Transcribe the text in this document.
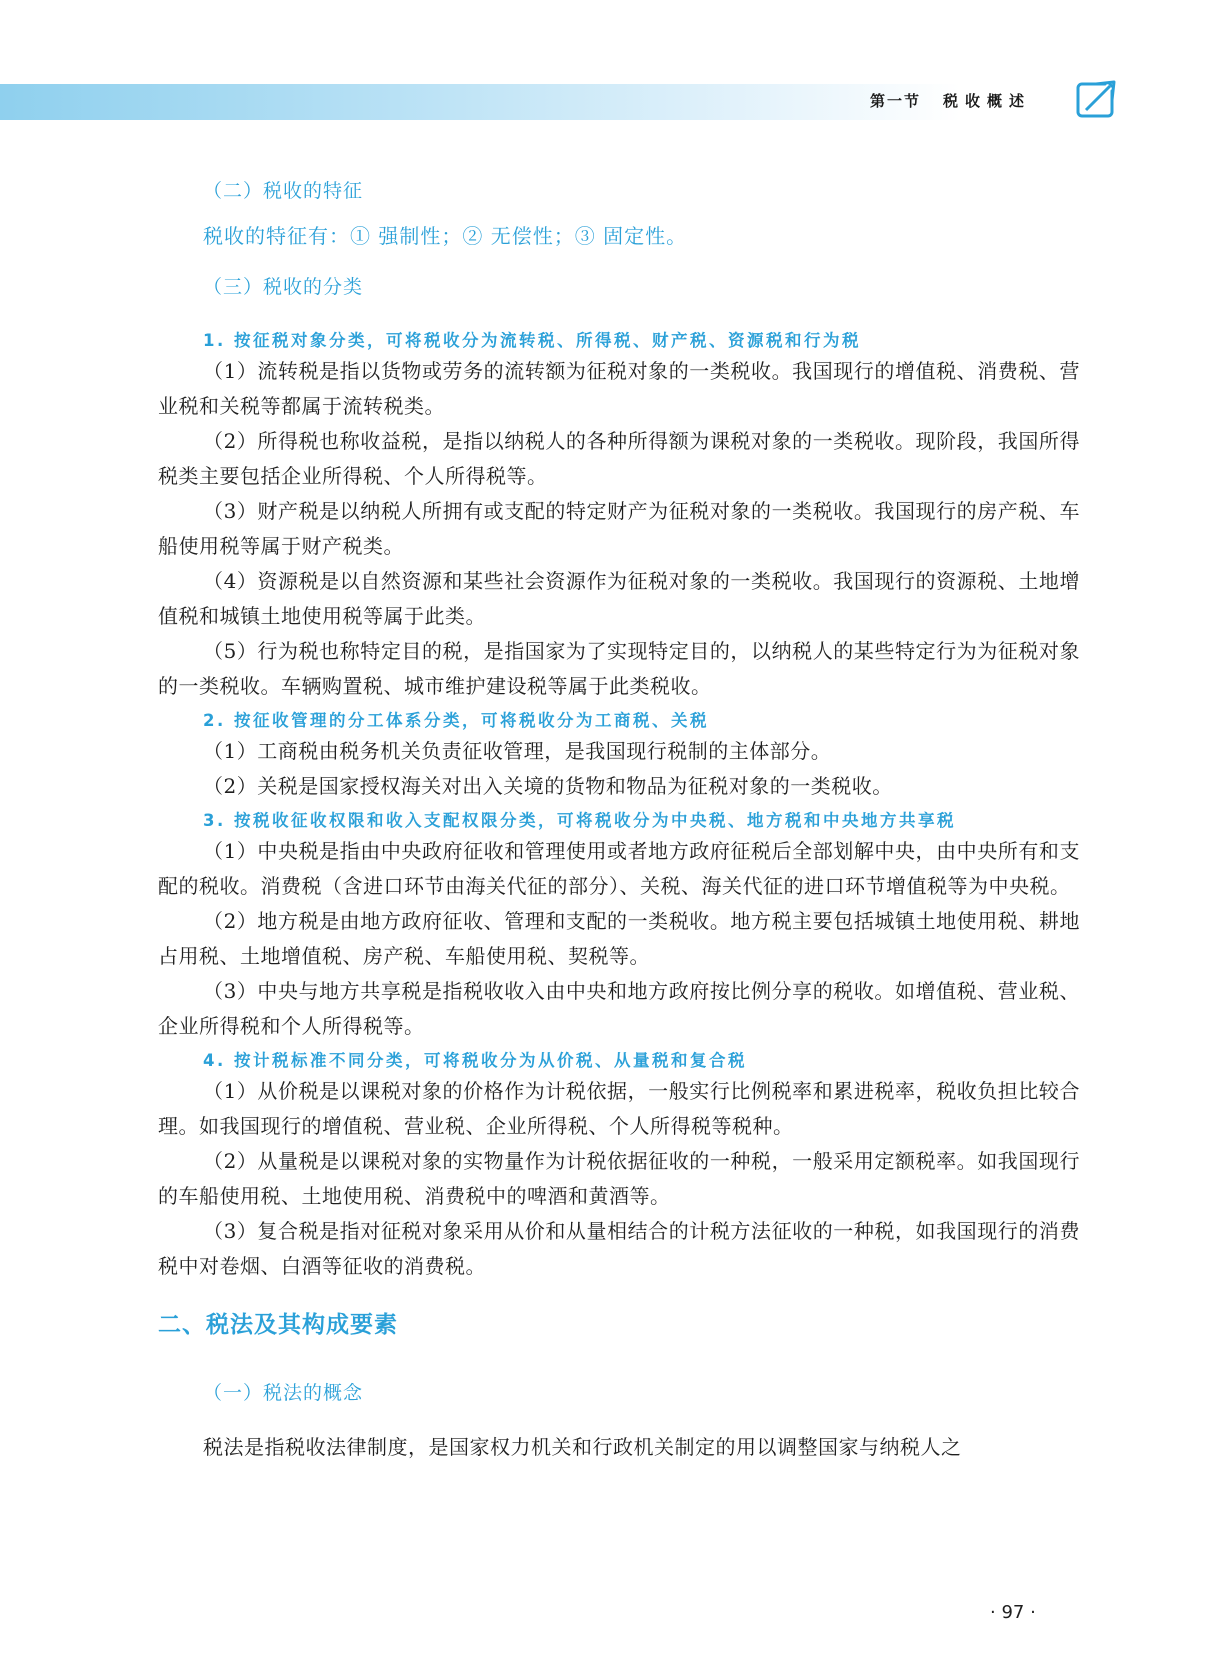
第一节 税收概述
（二）税收的特征
税收的特征有：① 强制性；② 无偿性；③ 固定性。
（三）税收的分类
1. 按征税对象分类，可将税收分为流转税、所得税、财产税、资源税和行为税

（1）流转税是指以货物或劳务的流转额为征税对象的一类税收。我国现行的增值税、消费税、营业税和关税等都属于流转税类。

（2）所得税也称收益税，是指以纳税人的各种所得额为课税对象的一类税收。现阶段，我国所得税类主要包括企业所得税、个人所得税等。

（3）财产税是以纳税人所拥有或支配的特定财产为征税对象的一类税收。我国现行的房产税、车船使用税等属于财产税类。

（4）资源税是以自然资源和某些社会资源作为征税对象的一类税收。我国现行的资源税、土地增值税和城镇土地使用税等属于此类。

（5）行为税也称特定目的税，是指国家为了实现特定目的，以纳税人的某些特定行为为征税对象的一类税收。车辆购置税、城市维护建设税等属于此类税收。

2. 按征收管理的分工体系分类，可将税收分为工商税、关税

（1）工商税由税务机关负责征收管理，是我国现行税制的主体部分。

（2）关税是国家授权海关对出入关境的货物和物品为征税对象的一类税收。

3. 按税收征收权限和收入支配权限分类，可将税收分为中央税、地方税和中央地方共享税

（1）中央税是指由中央政府征收和管理使用或者地方政府征税后全部划解中央，由中央所有和支配的税收。消费税（含进口环节由海关代征的部分）、关税、海关代征的进口环节增值税等为中央税。

（2）地方税是由地方政府征收、管理和支配的一类税收。地方税主要包括城镇土地使用税、耕地占用税、土地增值税、房产税、车船使用税、契税等。

（3）中央与地方共享税是指税收收入由中央和地方政府按比例分享的税收。如增值税、营业税、企业所得税和个人所得税等。

4. 按计税标准不同分类，可将税收分为从价税、从量税和复合税

（1）从价税是以课税对象的价格作为计税依据，一般实行比例税率和累进税率，税收负担比较合理。如我国现行的增值税、营业税、企业所得税、个人所得税等税种。

（2）从量税是以课税对象的实物量作为计税依据征收的一种税，一般采用定额税率。如我国现行的车船使用税、土地使用税、消费税中的啤酒和黄酒等。

（3）复合税是指对征税对象采用从价和从量相结合的计税方法征收的一种税，如我国现行的消费税中对卷烟、白酒等征收的消费税。

二、税法及其构成要素
（一）税法的概念

税法是指税收法律制度，是国家权力机关和行政机关制定的用以调整国家与纳税人之

· 97 ·
